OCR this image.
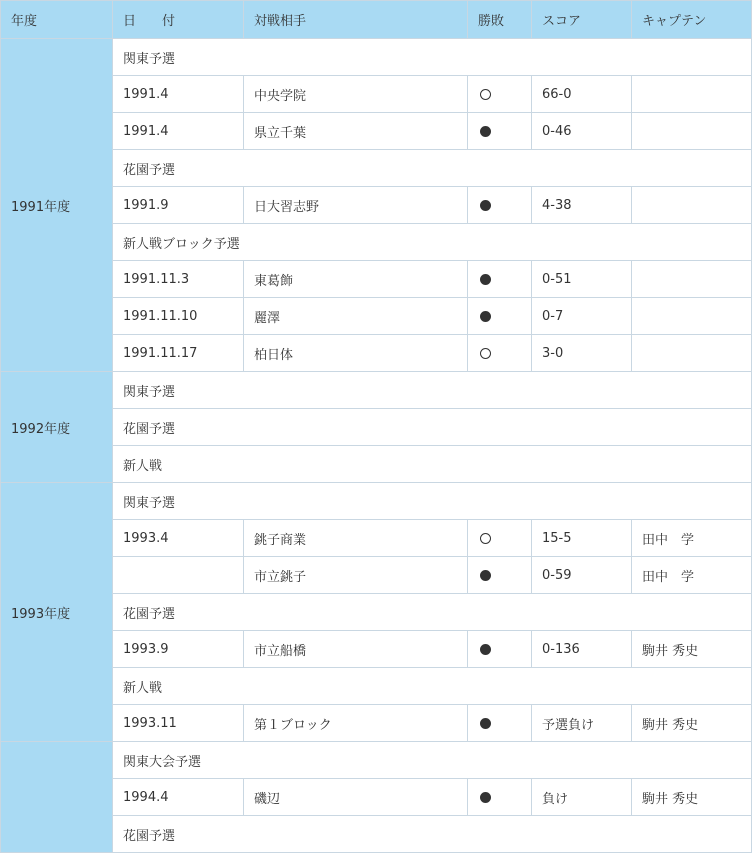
年度	日　　付	対戦相手	勝敗	スコア	キャプテン
1991年度	関東予選				
	1991.4	中央学院		66-0	
	1991.4	県立千葉		0-46	
	花園予選				
	1991.9	日大習志野		4-38	
	新人戦ブロック予選				
	1991.11.3	東葛飾		0-51	
	1991.11.10	麗澤		0-7	
	1991.11.17	柏日体		3-0	
1992年度	関東予選				
	花園予選				
	新人戦				
1993年度	関東予選				
	1993.4	銚子商業		15-5	田中　学
		市立銚子		0-59	田中　学
	花園予選				
	1993.9	市立船橋		0-136	駒井 秀史
	新人戦				
	1993.11	第１ブロック		予選負け	駒井 秀史
	関東大会予選				
	1994.4	磯辺		負け	駒井 秀史
	花園予選				
